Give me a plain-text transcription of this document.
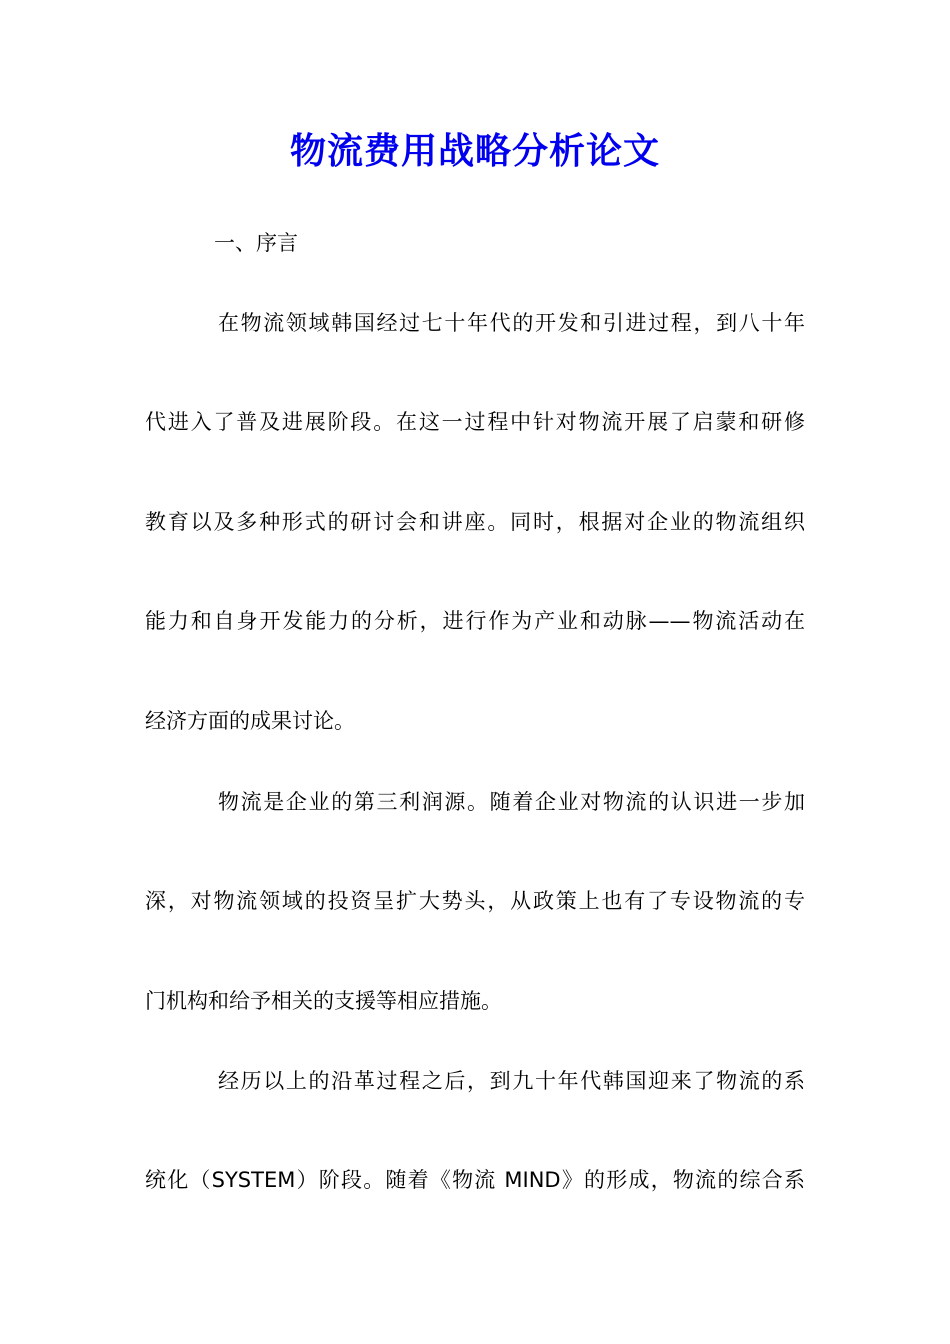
物流费用战略分析论文

一、序言

在物流领域韩国经过七十年代的开发和引进过程，到八十年

代进入了普及进展阶段。在这一过程中针对物流开展了启蒙和研修

教育以及多种形式的研讨会和讲座。同时，根据对企业的物流组织

能力和自身开发能力的分析，进行作为产业和动脉——物流活动在

经济方面的成果讨论。

物流是企业的第三利润源。随着企业对物流的认识进一步加

深，对物流领域的投资呈扩大势头，从政策上也有了专设物流的专

门机构和给予相关的支援等相应措施。

经历以上的沿革过程之后，到九十年代韩国迎来了物流的系

统化（SYSTEM）阶段。随着《物流 MIND》的形成，物流的综合系
